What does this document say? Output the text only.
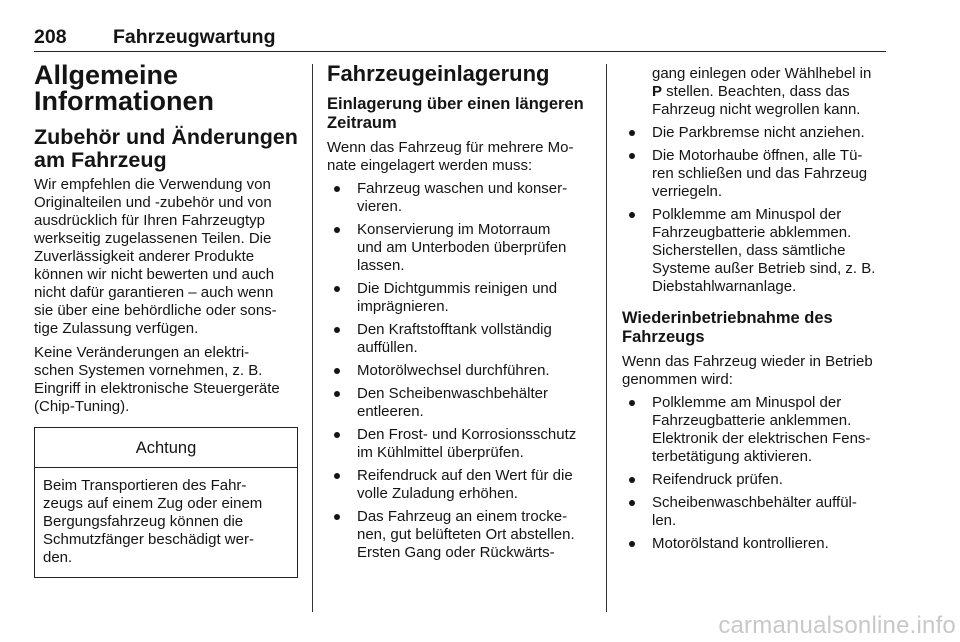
208 Fahrzeugwartung
Allgemeine
Informationen
Zubehör und Änderungen
am Fahrzeug
Wir empfehlen die Verwendung von
Originalteilen und -zubehör und von
ausdrücklich für Ihren Fahrzeugtyp
werkseitig zugelassenen Teilen. Die
Zuverlässigkeit anderer Produkte
können wir nicht bewerten und auch
nicht dafür garantieren – auch wenn
sie über eine behördliche oder sons-
tige Zulassung verfügen.
Keine Veränderungen an elektri-
schen Systemen vornehmen, z. B.
Eingriff in elektronische Steuergeräte
(Chip-Tuning).
Achtung
Beim Transportieren des Fahr-
zeugs auf einem Zug oder einem
Bergungsfahrzeug können die
Schmutzfänger beschädigt wer-
den.
Fahrzeugeinlagerung
Einlagerung über einen längeren
Zeitraum
Wenn das Fahrzeug für mehrere Mo-
nate eingelagert werden muss:
Fahrzeug waschen und konser-
vieren.
Konservierung im Motorraum
und am Unterboden überprüfen
lassen.
Die Dichtgummis reinigen und
imprägnieren.
Den Kraftstofftank vollständig
auffüllen.
Motorölwechsel durchführen.
Den Scheibenwaschbehälter
entleeren.
Den Frost- und Korrosionsschutz
im Kühlmittel überprüfen.
Reifendruck auf den Wert für die
volle Zuladung erhöhen.
Das Fahrzeug an einem trocke-
nen, gut belüfteten Ort abstellen.
Ersten Gang oder Rückwärts-
gang einlegen oder Wählhebel in
P stellen. Beachten, dass das
Fahrzeug nicht wegrollen kann.
Die Parkbremse nicht anziehen.
Die Motorhaube öffnen, alle Tü-
ren schließen und das Fahrzeug
verriegeln.
Polklemme am Minuspol der
Fahrzeugbatterie abklemmen.
Sicherstellen, dass sämtliche
Systeme außer Betrieb sind, z. B.
Diebstahlwarnanlage.
Wiederinbetriebnahme des
Fahrzeugs
Wenn das Fahrzeug wieder in Betrieb
genommen wird:
Polklemme am Minuspol der
Fahrzeugbatterie anklemmen.
Elektronik der elektrischen Fens-
terbetätigung aktivieren.
Reifendruck prüfen.
Scheibenwaschbehälter auffül-
len.
Motorölstand kontrollieren.
carmanualsonline.info
